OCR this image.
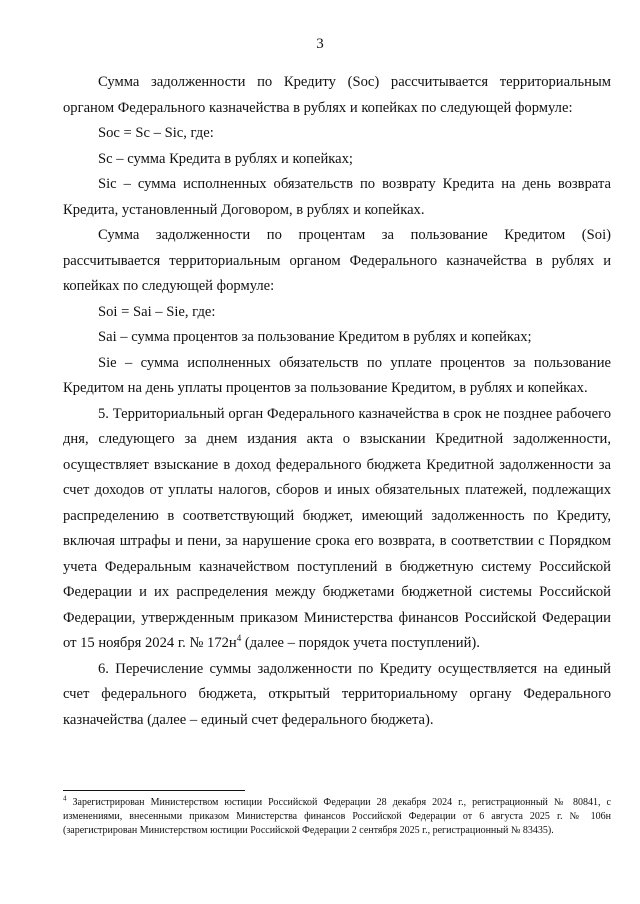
3

Сумма задолженности по Кредиту (Soc) рассчитывается территориальным органом Федерального казначейства в рублях и копейках по следующей формуле:

Soc = Sc – Sic, где:

Sc – сумма Кредита в рублях и копейках;

Sic – сумма исполненных обязательств по возврату Кредита на день возврата Кредита, установленный Договором, в рублях и копейках.

Сумма задолженности по процентам за пользование Кредитом (Soi) рассчитывается территориальным органом Федерального казначейства в рублях и копейках по следующей формуле:

Soi = Sai – Sie, где:

Sai – сумма процентов за пользование Кредитом в рублях и копейках;

Sie – сумма исполненных обязательств по уплате процентов за пользование Кредитом на день уплаты процентов за пользование Кредитом, в рублях и копейках.

5. Территориальный орган Федерального казначейства в срок не позднее рабочего дня, следующего за днем издания акта о взыскании Кредитной задолженности, осуществляет взыскание в доход федерального бюджета Кредитной задолженности за счет доходов от уплаты налогов, сборов и иных обязательных платежей, подлежащих распределению в соответствующий бюджет, имеющий задолженность по Кредиту, включая штрафы и пени, за нарушение срока его возврата, в соответствии с Порядком учета Федеральным казначейством поступлений в бюджетную систему Российской Федерации и их распределения между бюджетами бюджетной системы Российской Федерации, утвержденным приказом Министерства финансов Российской Федерации от 15 ноября 2024 г. № $172н^4$ (далее – порядок учета поступлений).

6. Перечисление суммы задолженности по Кредиту осуществляется на единый счет федерального бюджета, открытый территориальному органу Федерального казначейства (далее – единый счет федерального бюджета).

$^4$ Зарегистрирован Министерством юстиции Российской Федерации 28 декабря 2024 г., регистрационный № 80841, с изменениями, внесенными приказом Министерства финансов Российской Федерации от 6 августа 2025 г. № 106н (зарегистрирован Министерством юстиции Российской Федерации 2 сентября 2025 г., регистрационный № 83435).
